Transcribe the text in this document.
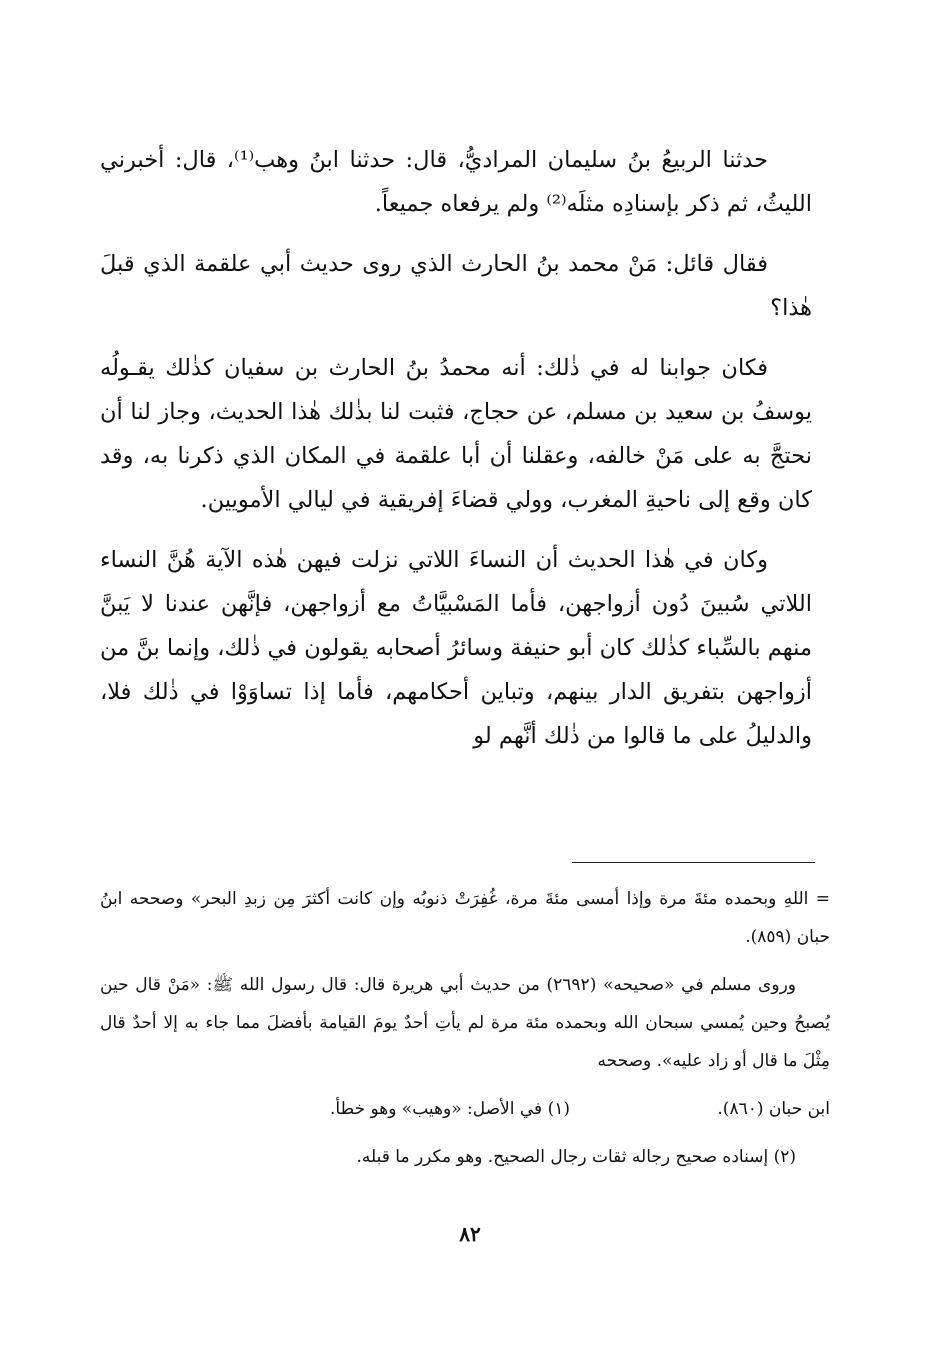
حدثنا الربيعُ بنُ سليمان المراديُّ، قال: حدثنا ابنُ وهب⁽¹⁾، قال: أخبرني الليثُ، ثم ذكر بإسنادِه مثلَه⁽²⁾ ولم يرفعاه جميعاً.

فقال قائل: مَنْ محمد بنُ الحارث الذي روى حديث أبي علقمة الذي قبلَ هٰذا؟

فكان جوابنا له في ذٰلك: أنه محمدُ بنُ الحارث بن سفيان كذٰلك يقـولُه يوسفُ بن سعيد بن مسلم، عن حجاج، فثبت لنا بذٰلك هٰذا الحديث، وجاز لنا أن نحتجَّ به على مَنْ خالفه، وعقلنا أن أبا علقمة في المكان الذي ذكرنا به، وقد كان وقع إلى ناحيةِ المغرب، وولي قضاءَ إفريقية في ليالي الأمويين.

وكان في هٰذا الحديث أن النساءَ اللاتي نزلت فيهن هٰذه الآية هُنَّ النساء اللاتي سُبينَ دُون أزواجهن، فأما المَسْبيَّاتُ مع أزواجهن، فإنَّهن عندنا لا يَبنَّ منهم بالسِّباء كذٰلك كان أبو حنيفة وسائرُ أصحابه يقولون في ذٰلك، وإنما بنَّ من أزواجهن بتفريق الدار بينهم، وتباين أحكامهم، فأما إذا تساوَوْا في ذٰلك فلا، والدليلُ على ما قالوا من ذٰلك أنَّهم لو

= اللهِ وبحمده مئةَ مرة وإذا أمسى مئةَ مرة، غُفِرَتْ ذنوبُه وإن كانت أكثرَ مِن زبدِ البحر» وصححه ابنُ حبان (٨٥٩).

وروى مسلم في «صحيحه» (٢٦٩٢) من حديث أبي هريرة قال: قال رسول الله ﷺ: «مَنْ قال حين يُصبحُ وحين يُمسي سبحان الله وبحمده مئة مرة لم يأتِ أحدٌ يومَ القيامة بأفضلَ مما جاء به إلا أحدٌ قال مِثْلَ ما قال أو زاد عليه». وصححه

ابن حبان (٨٦٠).

(١) في الأصل: «وهيب» وهو خطأ.

(٢) إسناده صحيح رجاله ثقات رجال الصحيح. وهو مكرر ما قبله.

٨٢
